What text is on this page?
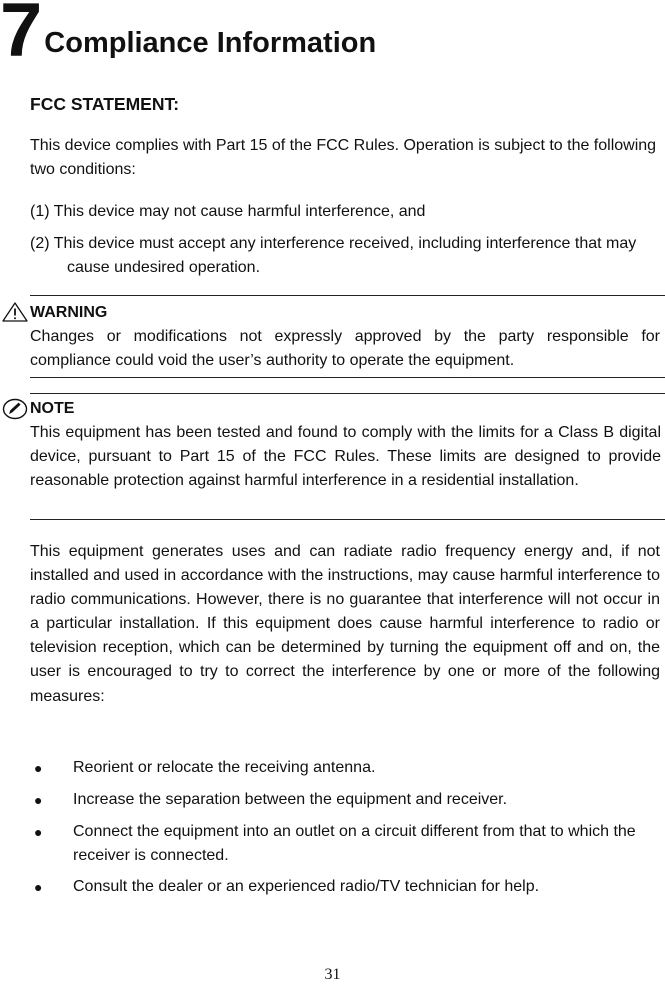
7 Compliance Information
FCC STATEMENT:
This device complies with Part 15 of the FCC Rules. Operation is subject to the following two conditions:
(1) This device may not cause harmful interference, and
(2) This device must accept any interference received, including interference that may cause undesired operation.
WARNING
Changes or modifications not expressly approved by the party responsible for compliance could void the user’s authority to operate the equipment.
NOTE
This equipment has been tested and found to comply with the limits for a Class B digital device, pursuant to Part 15 of the FCC Rules. These limits are designed to provide reasonable protection against harmful interference in a residential installation.
This equipment generates uses and can radiate radio frequency energy and, if not installed and used in accordance with the instructions, may cause harmful interference to radio communications. However, there is no guarantee that interference will not occur in a particular installation. If this equipment does cause harmful interference to radio or television reception, which can be determined by turning the equipment off and on, the user is encouraged to try to correct the interference by one or more of the following measures:
● Reorient or relocate the receiving antenna.
● Increase the separation between the equipment and receiver.
● Connect the equipment into an outlet on a circuit different from that to which the receiver is connected.
● Consult the dealer or an experienced radio/TV technician for help.
31
